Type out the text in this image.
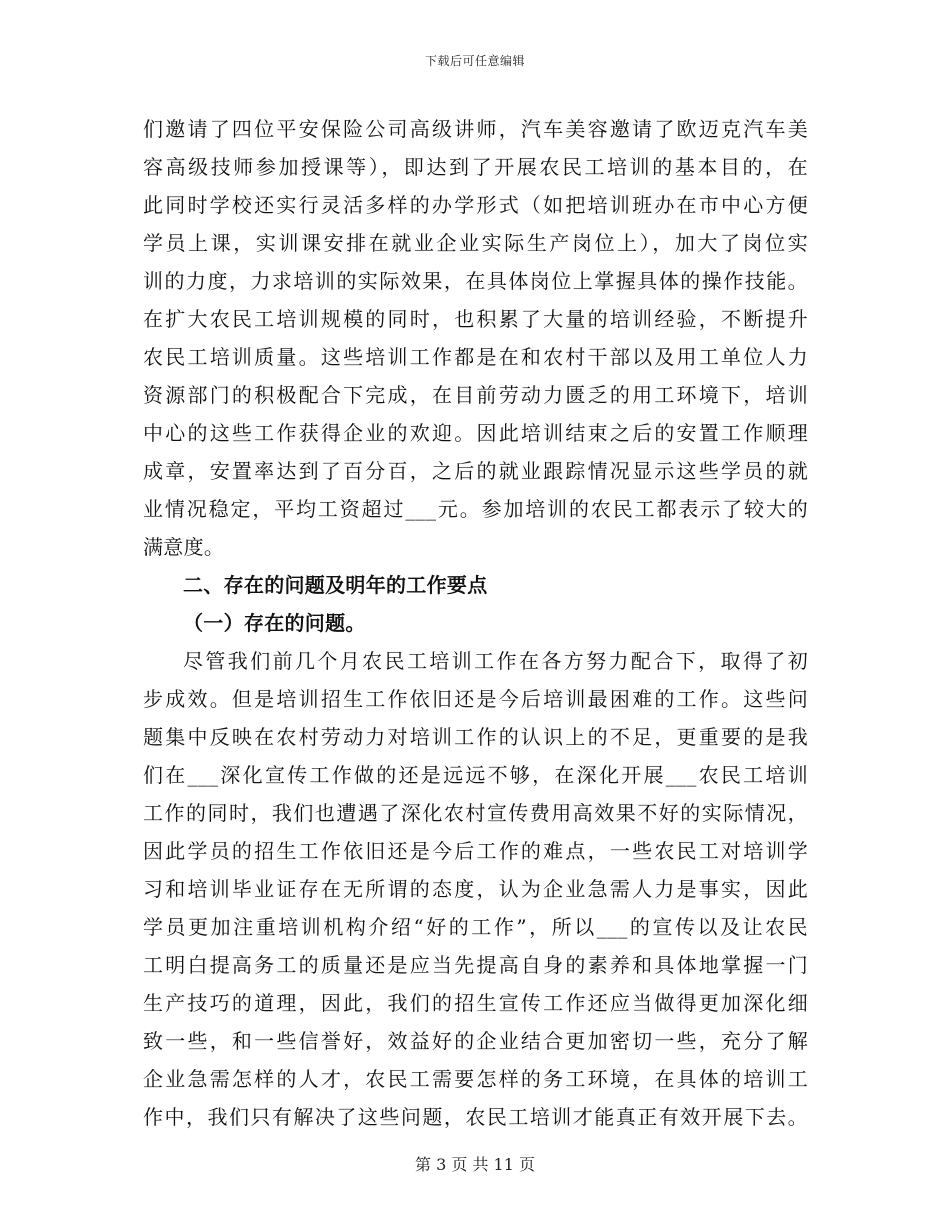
下载后可任意编辑
们邀请了四位平安保险公司高级讲师，汽车美容邀请了欧迈克汽车美
容高级技师参加授课等），即达到了开展农民工培训的基本目的，在
此同时学校还实行灵活多样的办学形式（如把培训班办在市中心方便
学员上课，实训课安排在就业企业实际生产岗位上），加大了岗位实
训的力度，力求培训的实际效果，在具体岗位上掌握具体的操作技能。
在扩大农民工培训规模的同时，也积累了大量的培训经验，不断提升
农民工培训质量。这些培训工作都是在和农村干部以及用工单位人力
资源部门的积极配合下完成，在目前劳动力匮乏的用工环境下，培训
中心的这些工作获得企业的欢迎。因此培训结束之后的安置工作顺理
成章，安置率达到了百分百，之后的就业跟踪情况显示这些学员的就
业情况稳定，平均工资超过___元。参加培训的农民工都表示了较大的
满意度。
二、存在的问题及明年的工作要点
（一）存在的问题。
尽管我们前几个月农民工培训工作在各方努力配合下，取得了初
步成效。但是培训招生工作依旧还是今后培训最困难的工作。这些问
题集中反映在农村劳动力对培训工作的认识上的不足，更重要的是我
们在___深化宣传工作做的还是远远不够，在深化开展___农民工培训
工作的同时，我们也遭遇了深化农村宣传费用高效果不好的实际情况，
因此学员的招生工作依旧还是今后工作的难点，一些农民工对培训学
习和培训毕业证存在无所谓的态度，认为企业急需人力是事实，因此
学员更加注重培训机构介绍“好的工作”，所以___的宣传以及让农民
工明白提高务工的质量还是应当先提高自身的素养和具体地掌握一门
生产技巧的道理，因此，我们的招生宣传工作还应当做得更加深化细
致一些，和一些信誉好，效益好的企业结合更加密切一些，充分了解
企业急需怎样的人才，农民工需要怎样的务工环境，在具体的培训工
作中，我们只有解决了这些问题，农民工培训才能真正有效开展下去。
第 3 页 共 11 页
